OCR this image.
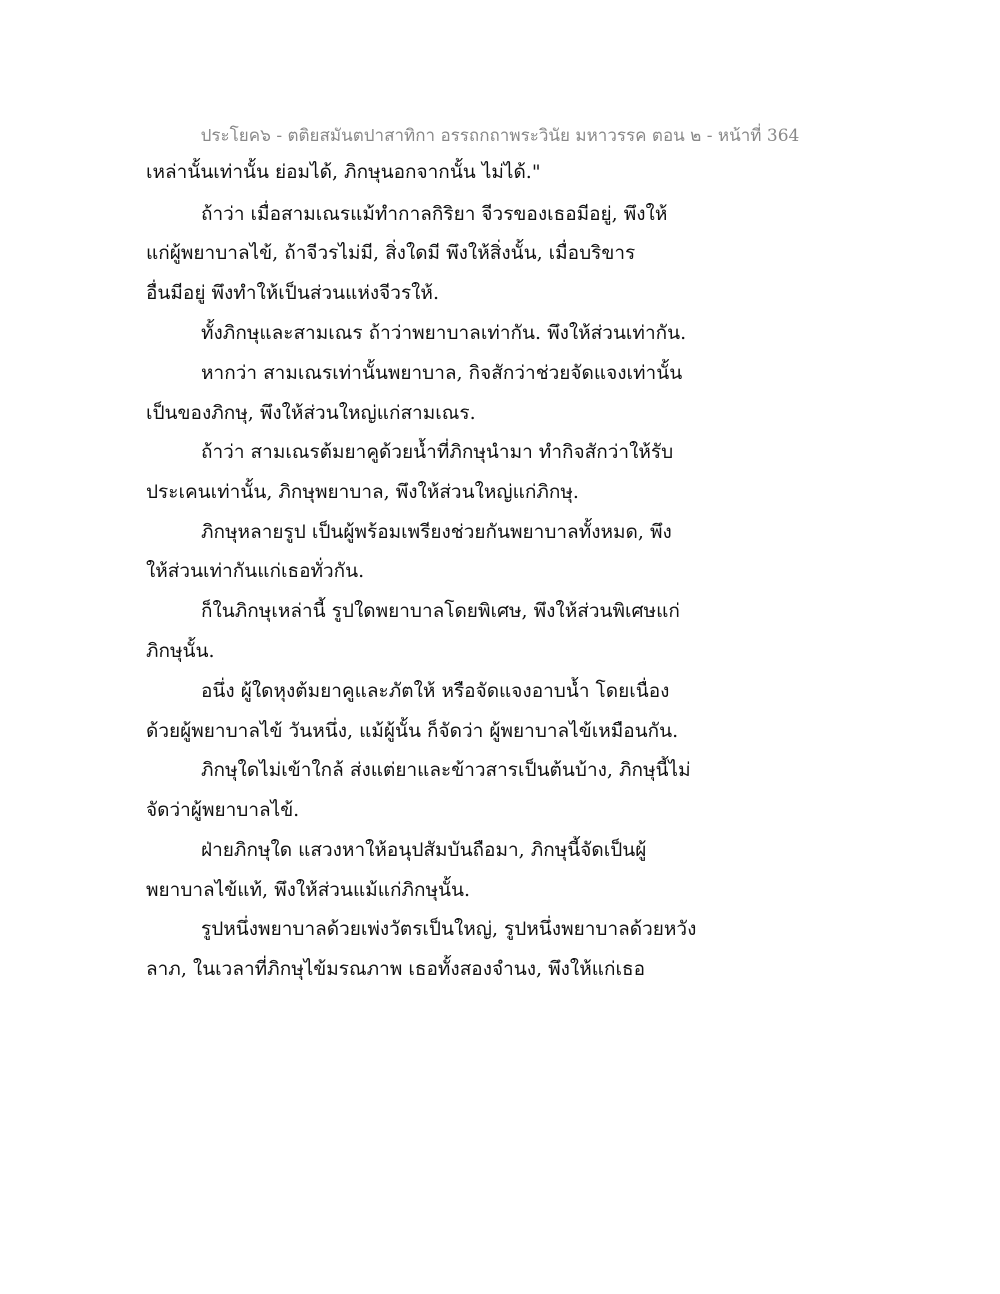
ประโยค๖ - ตติยสมันตปาสาทิกา อรรถกถาพระวินัย มหาวรรค ตอน ๒ - หน้าที่ 364
เหล่านั้นเท่านั้น ย่อมได้, ภิกษุนอกจากนั้น ไม่ได้."
ถ้าว่า เมื่อสามเณรแม้ทำกาลกิริยา จีวรของเธอมีอยู่, พึงให้
แก่ผู้พยาบาลไข้, ถ้าจีวรไม่มี, สิ่งใดมี พึงให้สิ่งนั้น, เมื่อบริขาร
อื่นมีอยู่ พึงทำให้เป็นส่วนแห่งจีวรให้.
ทั้งภิกษุและสามเณร ถ้าว่าพยาบาลเท่ากัน. พึงให้ส่วนเท่ากัน.
หากว่า สามเณรเท่านั้นพยาบาล, กิจสักว่าช่วยจัดแจงเท่านั้น
เป็นของภิกษุ, พึงให้ส่วนใหญ่แก่สามเณร.
ถ้าว่า สามเณรต้มยาคูด้วยน้ำที่ภิกษุนำมา ทำกิจสักว่าให้รับ
ประเคนเท่านั้น, ภิกษุพยาบาล, พึงให้ส่วนใหญ่แก่ภิกษุ.
ภิกษุหลายรูป เป็นผู้พร้อมเพรียงช่วยกันพยาบาลทั้งหมด, พึง
ให้ส่วนเท่ากันแก่เธอทั่วกัน.
ก็ในภิกษุเหล่านี้ รูปใดพยาบาลโดยพิเศษ, พึงให้ส่วนพิเศษแก่
ภิกษุนั้น.
อนึ่ง ผู้ใดหุงต้มยาคูและภัตให้ หรือจัดแจงอาบน้ำ โดยเนื่อง
ด้วยผู้พยาบาลไข้ วันหนึ่ง, แม้ผู้นั้น ก็จัดว่า ผู้พยาบาลไข้เหมือนกัน.
ภิกษุใดไม่เข้าใกล้ ส่งแต่ยาและข้าวสารเป็นต้นบ้าง, ภิกษุนี้ไม่
จัดว่าผู้พยาบาลไข้.
ฝ่ายภิกษุใด แสวงหาให้อนุปสัมบันถือมา, ภิกษุนี้จัดเป็นผู้
พยาบาลไข้แท้, พึงให้ส่วนแม้แก่ภิกษุนั้น.
รูปหนึ่งพยาบาลด้วยเพ่งวัตรเป็นใหญ่, รูปหนึ่งพยาบาลด้วยหวัง
ลาภ, ในเวลาที่ภิกษุไข้มรณภาพ เธอทั้งสองจำนง, พึงให้แก่เธอ
